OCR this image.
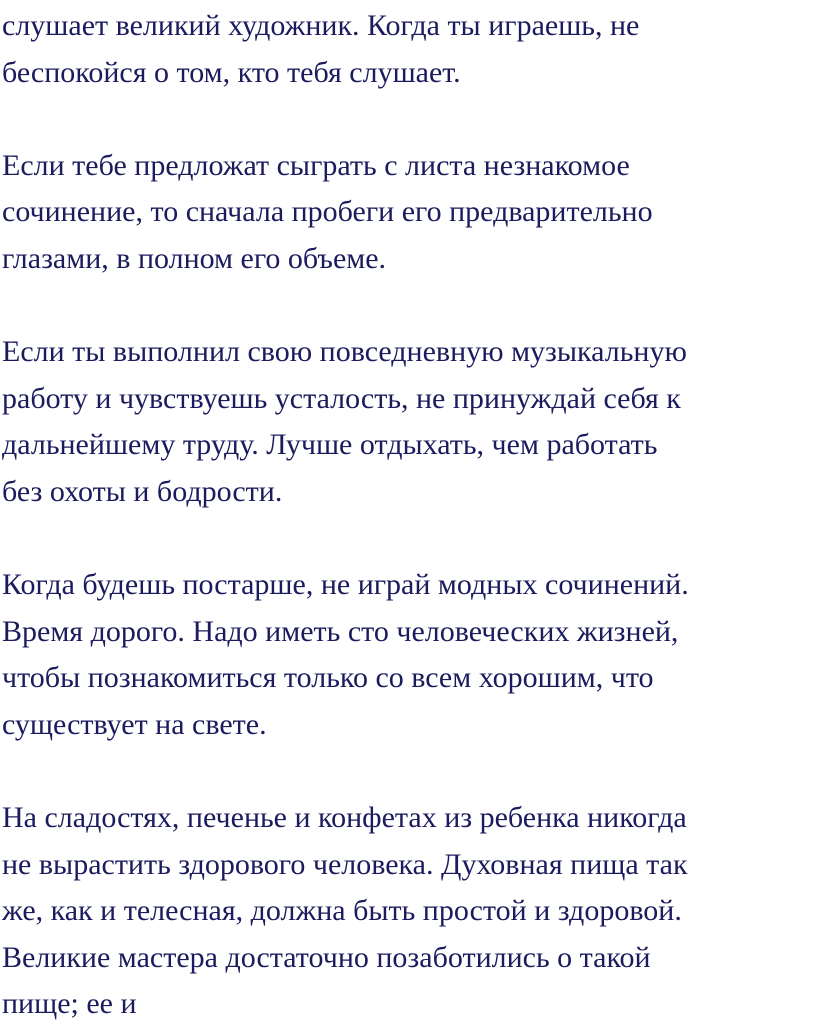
слушает великий художник. Когда ты играешь, не
беспокойся о том, кто тебя слушает.

Если тебе предложат сыграть с листа незнакомое
сочинение, то сначала пробеги его предварительно
глазами, в полном его объеме.

Если ты выполнил свою повседневную музыкальную
работу и чувствуешь усталость, не принуждай себя к
дальнейшему труду. Лучше отдыхать, чем работать
без охоты и бодрости.

Когда будешь постарше, не играй модных сочинений.
Время дорого. Надо иметь сто человеческих жизней,
чтобы познакомиться только со всем хорошим, что
существует на свете.

На сладостях, печенье и конфетах из ребенка никогда
не вырастить здорового человека. Духовная пища так
же, как и телесная, должна быть простой и здоровой.
Великие мастера достаточно позаботились о такой
пище; ее и
